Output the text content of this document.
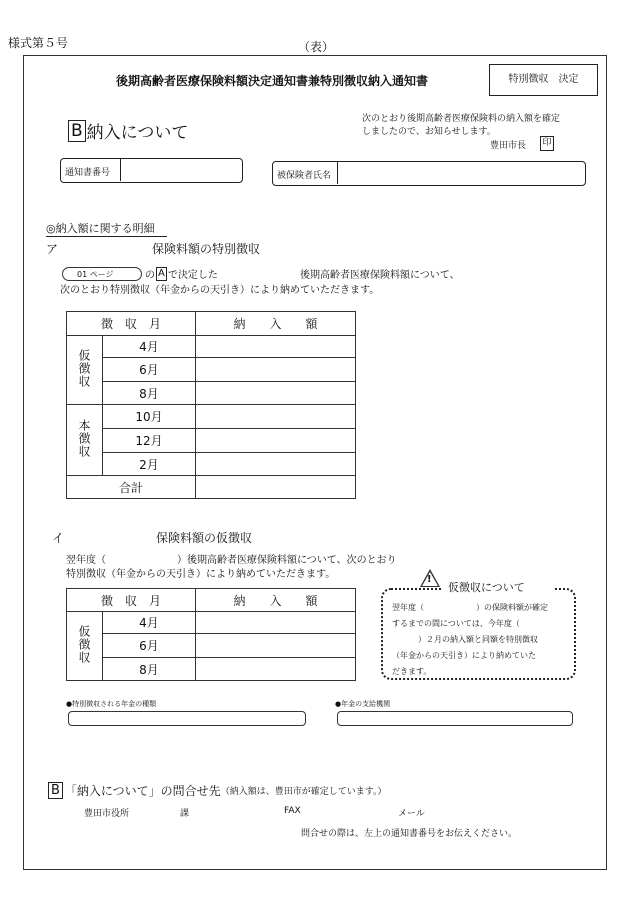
様式第５号	（表）
後期高齢者医療保険料額決定通知書兼特別徴収納入通知書	特別徴収　決定
B 納入について
次のとおり後期高齢者医療保険料の納入額を確定
しましたので、お知らせします。
豊田市長 印
通知書番号	被保険者氏名
◎納入額に関する明細
ア	保険料額の特別徴収
01 ページ	の A で決定した	後期高齢者医療保険料額について、
次のとおり特別徴収（年金からの天引き）により納めていただきます。
徴　収　月		納　　入　　額
仮徴収	4月	
	6月	
	8月	
本徴収	10月	
	12月	
	2月	
合計		
イ	保険料額の仮徴収
翌年度（	）後期高齢者医療保険料額について、次のとおり
特別徴収（年金からの天引き）により納めていただきます。
徴　収　月		納　　入　　額
仮徴収	4月	
	6月	
	8月	
!
仮徴収について
翌年度（	）の保険料額が確定
するまでの間については、今年度（
）２月の納入額と同額を特別徴収
（年金からの天引き）により納めていた
だきます。
●特別徴収される年金の種類	●年金の支給機関
B 「納入について」の問合せ先 （納入額は、豊田市が確定しています。）
豊田市役所	課	FAX	メール
問合せの際は、左上の通知書番号をお伝えください。
